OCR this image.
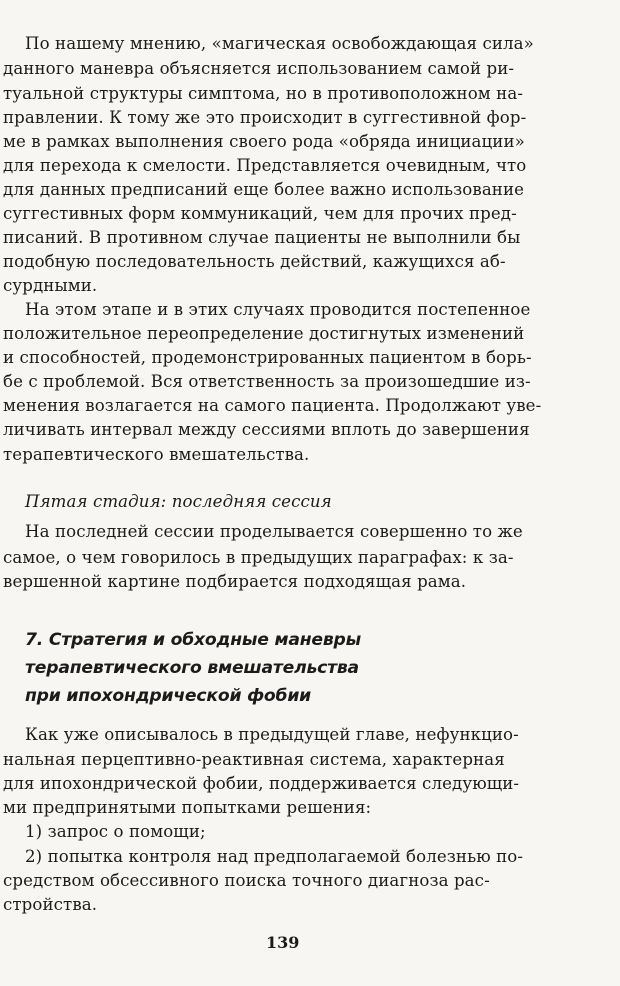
По нашему мнению, «магическая освобождающая сила»
данного маневра объясняется использованием самой ри-
туальной структуры симптома, но в противоположном на-
правлении. К тому же это происходит в суггестивной фор-
ме в рамках выполнения своего рода «обряда инициации»
для перехода к смелости. Представляется очевидным, что
для данных предписаний еще более важно использование
суггестивных форм коммуникаций, чем для прочих пред-
писаний. В противном случае пациенты не выполнили бы
подобную последовательность действий, кажущихся аб-
сурдными.
На этом этапе и в этих случаях проводится постепенное
положительное переопределение достигнутых изменений
и способностей, продемонстрированных пациентом в борь-
бе с проблемой. Вся ответственность за произошедшие из-
менения возлагается на самого пациента. Продолжают уве-
личивать интервал между сессиями вплоть до завершения
терапевтического вмешательства.
Пятая стадия: последняя сессия
На последней сессии проделывается совершенно то же
самое, о чем говорилось в предыдущих параграфах: к за-
вершенной картине подбирается подходящая рама.
7. Стратегия и обходные маневры
терапевтического вмешательства
при ипохондрической фобии
Как уже описывалось в предыдущей главе, нефункцио-
нальная перцептивно-реактивная система, характерная
для ипохондрической фобии, поддерживается следующи-
ми предпринятыми попытками решения:
1) запрос о помощи;
2) попытка контроля над предполагаемой болезнью по-
средством обсессивного поиска точного диагноза рас-
стройства.
139
